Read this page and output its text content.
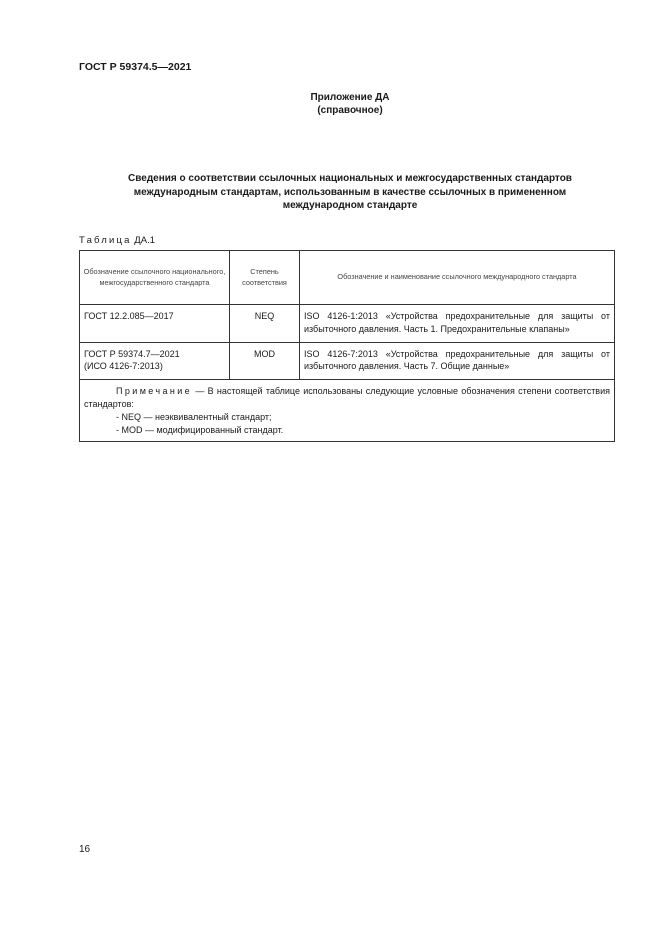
ГОСТ Р 59374.5—2021
Приложение ДА
(справочное)
Сведения о соответствии ссылочных национальных и межгосударственных стандартов
международным стандартам, использованным в качестве ссылочных в примененном
международном стандарте
Таблица ДА.1
Обозначение ссылочного национального, межгосударственного стандарта	Степень соответствия	Обозначение и наименование ссылочного международного стандарта

ГОСТ 12.2.085—2017	NEQ	ISO 4126-1:2013 «Устройства предохранительные для защиты от избыточного давления. Часть 1. Предохранительные клапаны»

ГОСТ Р 59374.7—2021
(ИСО 4126-7:2013)	MOD	ISO 4126-7:2013 «Устройства предохранительные для защиты от избыточного давления. Часть 7. Общие данные»

Примечание — В настоящей таблице использованы следующие условные обозначения степени соответствия стандартов:
- NEQ — неэквивалентный стандарт;
- MOD — модифицированный стандарт.		
16
